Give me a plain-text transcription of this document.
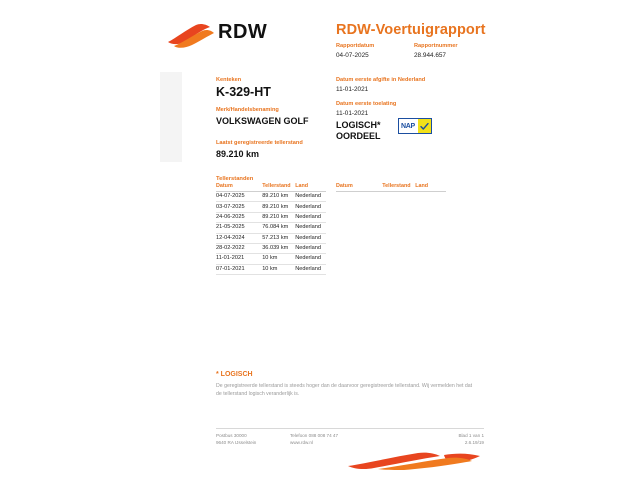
RDW	RDW-Voertuigrapport
Rapportdatum
04-07-2025
Rapportnummer
28.944.657
Kenteken
K-329-HT
Merk/Handelsbenaming
VOLKSWAGEN GOLF
Laatst geregistreerde tellerstand
89.210 km
Datum eerste afgifte in Nederland
11-01-2021
Datum eerste toelating
11-01-2021
LOGISCH*
OORDEEL
NAP
Tellerstanden
Datum	Tellerstand	Land
04-07-2025	89.210 km	Nederland
03-07-2025	89.210 km	Nederland
24-06-2025	89.210 km	Nederland
21-05-2025	76.084 km	Nederland
12-04-2024	57.213 km	Nederland
28-02-2022	36.039 km	Nederland
11-01-2021	10 km	Nederland
07-01-2021	10 km	Nederland
Datum	Tellerstand	Land
* LOGISCH
De geregistreerde tellerstand is steeds hoger dan de daarvoor geregistreerde tellerstand. Wij vermelden het dat de tellerstand logisch veranderlijk is.
Postbus 30000
9640 RA IJsselstein
Telefoon 088 008 74 47
www.rdw.nl
Blad 1 van 1
2.6.19/19
